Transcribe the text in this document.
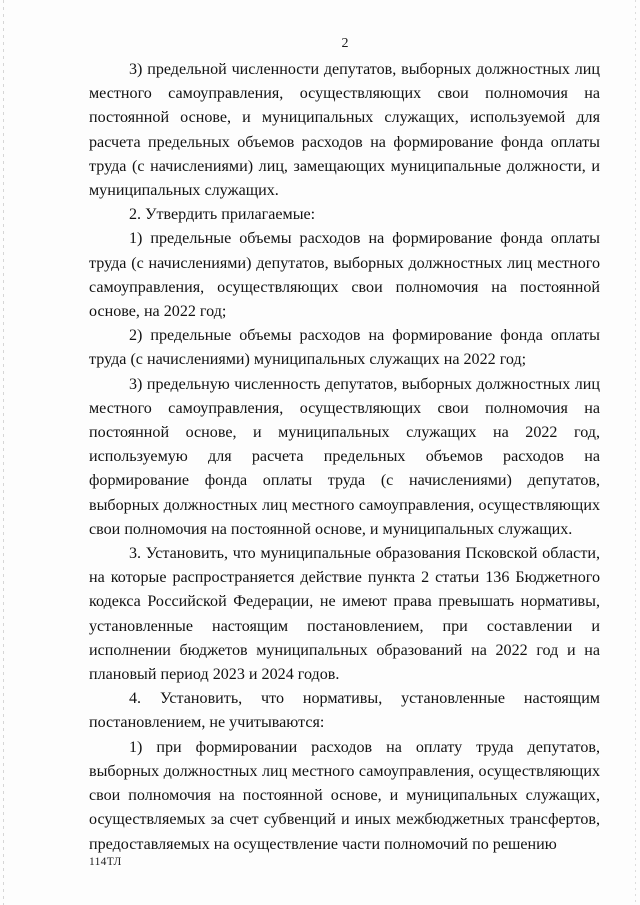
2

3) предельной численности депутатов, выборных должностных лиц местного самоуправления, осуществляющих свои полномочия на постоянной основе, и муниципальных служащих, используемой для расчета предельных объемов расходов на формирование фонда оплаты труда (с начислениями) лиц, замещающих муниципальные должности, и муниципальных служащих.

2. Утвердить прилагаемые:

1) предельные объемы расходов на формирование фонда оплаты труда (с начислениями) депутатов, выборных должностных лиц местного самоуправления, осуществляющих свои полномочия на постоянной основе, на 2022 год;

2) предельные объемы расходов на формирование фонда оплаты труда (с начислениями) муниципальных служащих на 2022 год;

3) предельную численность депутатов, выборных должностных лиц местного самоуправления, осуществляющих свои полномочия на постоянной основе, и муниципальных служащих на 2022 год, используемую для расчета предельных объемов расходов на формирование фонда оплаты труда (с начислениями) депутатов, выборных должностных лиц местного самоуправления, осуществляющих свои полномочия на постоянной основе, и муниципальных служащих.

3. Установить, что муниципальные образования Псковской области, на которые распространяется действие пункта 2 статьи 136 Бюджетного кодекса Российской Федерации, не имеют права превышать нормативы, установленные настоящим постановлением, при составлении и исполнении бюджетов муниципальных образований на 2022 год и на плановый период 2023 и 2024 годов.

4. Установить, что нормативы, установленные настоящим постановлением, не учитываются:

1) при формировании расходов на оплату труда депутатов, выборных должностных лиц местного самоуправления, осуществляющих свои полномочия на постоянной основе, и муниципальных служащих, осуществляемых за счет субвенций и иных межбюджетных трансфертов, предоставляемых на осуществление части полномочий по решению

114ТЛ
